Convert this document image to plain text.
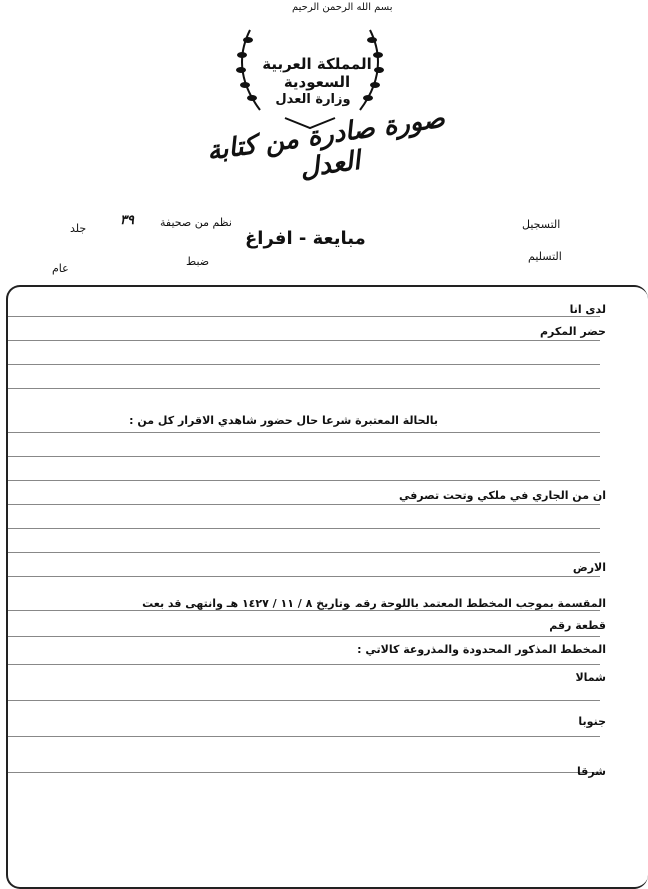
بسم الله الرحمن الرحيم
المملكة العربية السعودية
وزارة العدل
صورة صادرة من كتابة العدل
مبايعة - افراغ
نظم من صحيفة
٣٩
جلد	التسجيل
التسليم
ضبط
عام
لدى انا
حضر المكرم
بالحالة المعتبرة شرعا حال حضور شاهدي الاقرار كل من :
ان من الجاري في ملكي وتحت تصرفي
الارض
المقسمة بموجب المخطط المعتمد باللوحة رقموتاريخ ٨ / ١١ / ١٤٢٧ هـ وانتهى قد بعت
قطعة رقم
المخطط المذكور المحدودة والمذروعة كالاتي :
شمالا
جنوبا
شرقا
